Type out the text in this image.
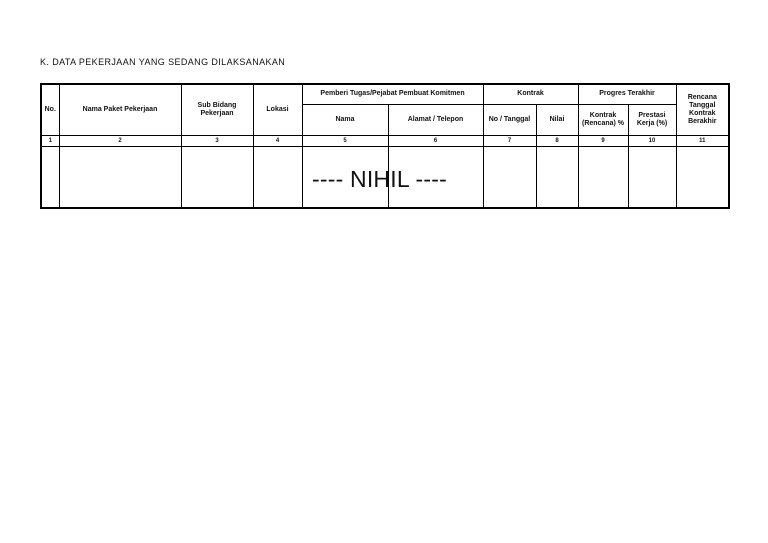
K. DATA PEKERJAAN YANG SEDANG DILAKSANAKAN
No.	Nama Paket Pekerjaan	Sub Bidang Pekerjaan	Lokasi	Pemberi Tugas/Pejabat Pembuat Komitmen		Kontrak		Progres Terakhir		Rencana Tanggal Kontrak Berakhir
				Nama	Alamat / Telepon	No / Tanggal	Nilai	Kontrak (Rencana) %	Prestasi Kerja (%)	
1	2	3	4	5	6	7	8	9	10	11

---- NIHIL ----
